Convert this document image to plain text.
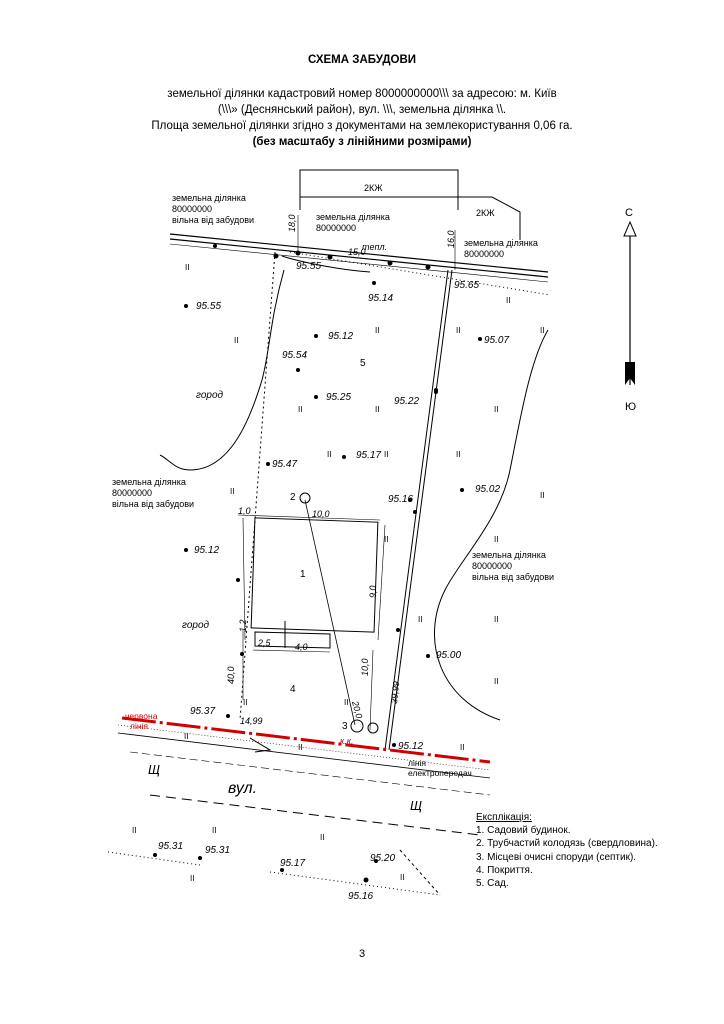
СХЕМА ЗАБУДОВИ
земельної ділянки кадастровий номер 8000000000\\\ за адресою: м. Київ
(\\\» (Деснянський район), вул. \\\, земельна ділянка \\.
Площа земельної ділянки згідно з документами на землекористування 0,06 га.
(без масштабу з лінійними розмірами)
земельна ділянка
80000000
вільна від забудови	земельна ділянка
80000000
земельна ділянка
80000000
земельна ділянка
80000000
вільна від забудови
земельна ділянка
80000000
вільна від забудови
2КЖ
2КЖ
95.55
95.55
95.14
95.65
95.12	95.07
95.54
95.25	95.22
95.17
95.47
95.16
95.02
95.12
95.00
95.37
95.12
95.31 95.31
95.17	95.20
95.16
18,0
15,0
16,0
1,0	10,0
9,0
1,2
2,5	4,0
40,0
20,0
10,0
39,99
14,99
1
2
3
4
5
город
город
тепл.
к.к.
червона
лінія
лінія
електропередач
вул.
Щ
Щ
С
Ю
II
II	II
II
II
II
II	II	II
II	II	II
II
II	II
II
II	II
II
II	II
II
II	II
II	II
II
II	II
Експлікація:
1. Садовий будинок.
2. Трубчастий колодязь (свердловина).
3. Місцеві очисні споруди (септик).
4. Покриття.
5. Сад.
3
